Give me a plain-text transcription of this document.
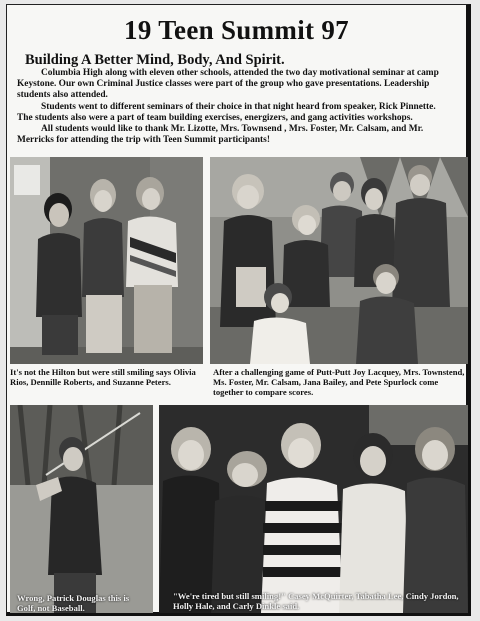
19 Teen Summit 97
Building A Better Mind, Body, And Spirit.

Columbia High along with eleven other schools, attended the two day motivational seminar at camp Keystone. Our own Criminal Justice classes were part of the group who gave presentations. Leadership students also attended.

Students went to different seminars of their choice in that night heard from speaker, Rick Pinnette.

The students also were a part of team building exercises, energizers, and gang activities workshops.

All students would like to thank Mr. Lizotte, Mrs. Townsend , Mrs. Foster, Mr. Calsam, and Mr. Merricks for attending the trip with Teen Summit participants!

It's not the Hilton but were still smiling says Olivia Rios, Dennille Roberts, and Suzanne Peters.
After a challenging game of Putt-Putt Joy Lacquey, Mrs. Townstend, Ms. Foster, Mr. Calsam, Jana Bailey, and Pete Spurlock come together to compare scores.
Wrong, Patrick Douglas this is Golf, not Baseball.
"We're tired but still smiling!" Casey McQuirter, Tabatha Lee, Cindy Jordon, Holly Hale, and Carly Dinkle said.
